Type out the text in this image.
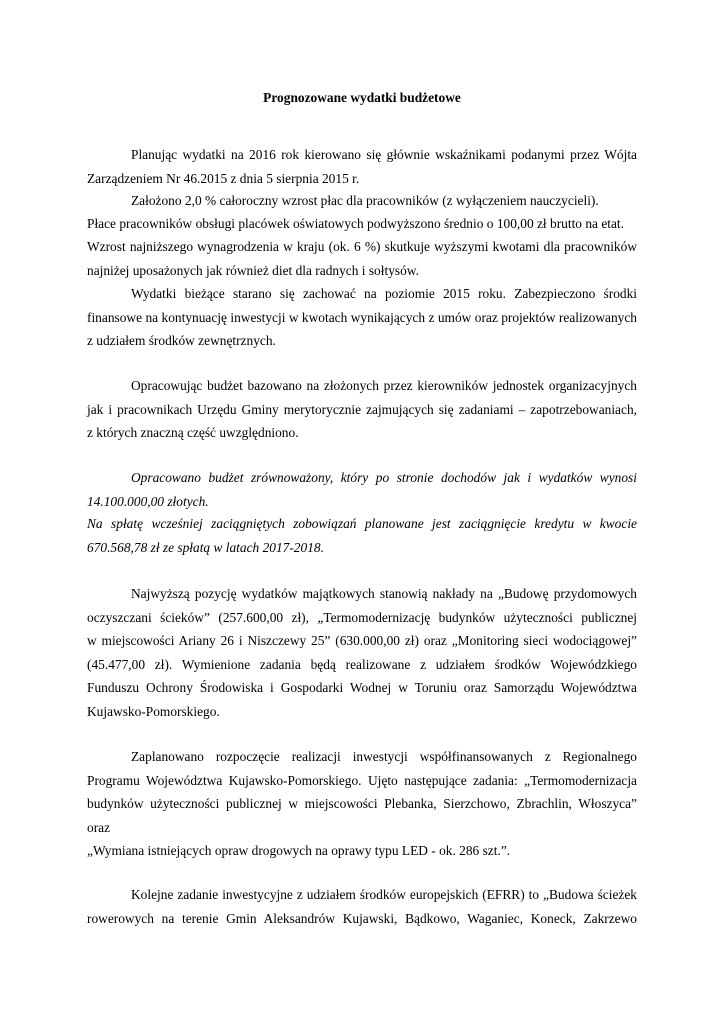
Prognozowane wydatki budżetowe
Planując wydatki na 2016 rok kierowano się głównie wskaźnikami podanymi przez Wójta
Zarządzeniem Nr 46.2015 z dnia 5 sierpnia 2015 r.
Założono 2,0 % całoroczny wzrost płac dla pracowników (z wyłączeniem nauczycieli).
Płace pracowników obsługi placówek oświatowych podwyższono średnio o 100,00 zł brutto na etat.
Wzrost najniższego wynagrodzenia w kraju (ok. 6 %) skutkuje wyższymi kwotami dla pracowników
najniżej uposażonych jak również diet dla radnych i sołtysów.
Wydatki bieżące starano się zachować na poziomie 2015 roku. Zabezpieczono środki
finansowe na kontynuację inwestycji w kwotach wynikających z umów oraz projektów realizowanych
z udziałem środków zewnętrznych.
Opracowując budżet bazowano na złożonych przez kierowników jednostek organizacyjnych
jak i pracownikach Urzędu Gminy merytorycznie zajmujących się zadaniami – zapotrzebowaniach,
z których znaczną część uwzględniono.
Opracowano budżet zrównoważony, który po stronie dochodów jak i wydatków wynosi
14.100.000,00 złotych.
Na spłatę wcześniej zaciągniętych zobowiązań planowane jest zaciągnięcie kredytu w kwocie
670.568,78 zł ze spłatą w latach 2017-2018.
Najwyższą pozycję wydatków majątkowych stanowią nakłady na „Budowę przydomowych
oczyszczani ścieków” (257.600,00 zł), „Termomodernizację budynków użyteczności publicznej
w miejscowości Ariany 26 i Niszczewy 25” (630.000,00 zł) oraz „Monitoring sieci wodociągowej”
(45.477,00 zł). Wymienione zadania będą realizowane z udziałem środków Wojewódzkiego
Funduszu Ochrony Środowiska i Gospodarki Wodnej w Toruniu oraz Samorządu Województwa
Kujawsko-Pomorskiego.
Zaplanowano rozpoczęcie realizacji inwestycji współfinansowanych z Regionalnego
Programu Województwa Kujawsko-Pomorskiego. Ujęto następujące zadania: „Termomodernizacja
budynków użyteczności publicznej w miejscowości Plebanka, Sierzchowo, Zbrachlin, Włoszyca” oraz
„Wymiana istniejących opraw drogowych na oprawy typu LED - ok. 286 szt.”.
Kolejne zadanie inwestycyjne z udziałem środków europejskich (EFRR) to „Budowa ścieżek
rowerowych na terenie Gmin Aleksandrów Kujawski, Bądkowo, Waganiec, Koneck, Zakrzewo
